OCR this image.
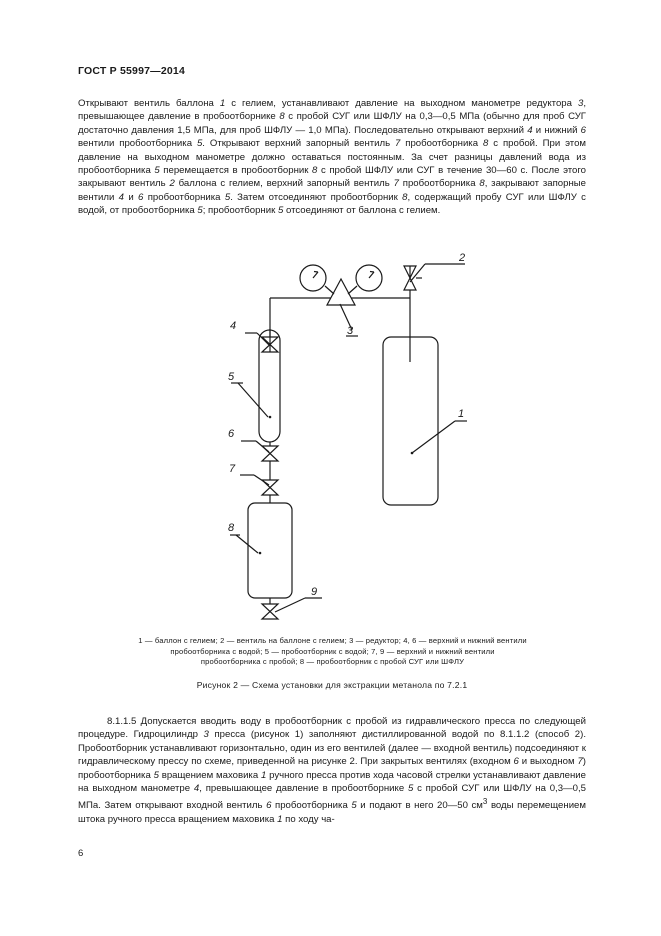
ГОСТ Р 55997—2014

Открывают вентиль баллона 1 с гелием, устанавливают давление на выходном манометре редуктора 3, превышающее давление в пробоотборнике 8 с пробой СУГ или ШФЛУ на 0,3—0,5 МПа (обычно для проб СУГ достаточно давления 1,5 МПа, для проб ШФЛУ — 1,0 МПа). Последовательно открывают верхний 4 и нижний 6 вентили пробоотборника 5. Открывают верхний запорный вентиль 7 пробоотборника 8 с пробой. При этом давление на выходном манометре должно оставаться постоянным. За счет разницы давлений вода из пробоотборника 5 перемещается в пробоотборник 8 с пробой ШФЛУ или СУГ в течение 30—60 с. После этого закрывают вентиль 2 баллона с гелием, верхний запорный вентиль 7 пробоотборника 8, закрывают запорные вентили 4 и 6 пробоотборника 5. Затем отсоединяют пробоотборник 8, содержащий пробу СУГ или ШФЛУ с водой, от пробоотборника 5; пробоотборник 5 отсоединяют от баллона с гелием.

1
2
3
4
5
6
7
8
9
1 — баллон с гелием; 2 — вентиль на баллоне с гелием; 3 — редуктор; 4, 6 — верхний и нижний вентили
пробоотборника с водой; 5 — пробоотборник с водой; 7, 9 — верхний и нижний вентили
пробоотборника с пробой; 8 — пробоотборник с пробой СУГ или ШФЛУ
Рисунок 2 — Схема установки для экстракции метанола по 7.2.1

8.1.1.5 Допускается вводить воду в пробоотборник с пробой из гидравлического пресса по следующей процедуре. Гидроцилиндр 3 пресса (рисунок 1) заполняют дистиллированной водой по 8.1.1.2 (способ 2). Пробоотборник устанавливают горизонтально, один из его вентилей (далее — входной вентиль) подсоединяют к гидравлическому прессу по схеме, приведенной на рисунке 2. При закрытых вентилях (входном 6 и выходном 7) пробоотборника 5 вращением маховика 1 ручного пресса против хода часовой стрелки устанавливают давление на выходном манометре 4, превышающее давление в пробоотборнике 5 с пробой СУГ или ШФЛУ на 0,3—0,5 МПа. Затем открывают входной вентиль 6 пробоотборника 5 и подают в него 20—50 $см^3$ воды перемещением штока ручного пресса вращением маховика 1 по ходу ча-

6
